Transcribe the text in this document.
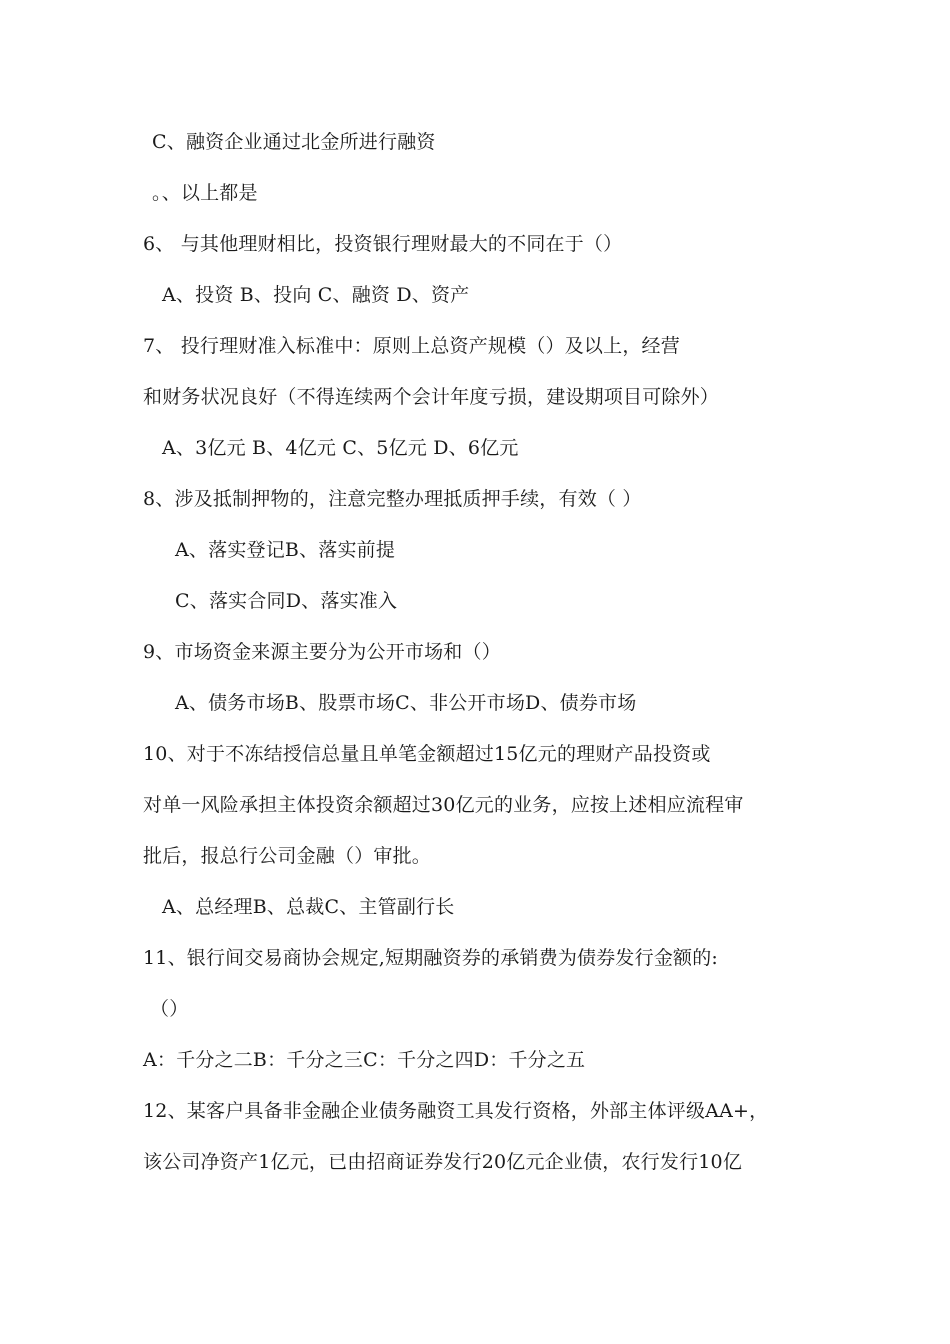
C、融资企业通过北金所进行融资
。、以上都是
6、 与其他理财相比，投资银行理财最大的不同在于（）
A、投资 B、投向 C、融资 D、资产
7、 投行理财准入标准中：原则上总资产规模（）及以上，经营
和财务状况良好（不得连续两个会计年度亏损，建设期项目可除外）
A、3亿元 B、4亿元 C、5亿元 D、6亿元
8、涉及抵制押物的，注意完整办理抵质押手续，有效（ ）
A、落实登记B、落实前提
C、落实合同D、落实准入
9、市场资金来源主要分为公开市场和（）
A、债务市场B、股票市场C、非公开市场D、债券市场
10、对于不冻结授信总量且单笔金额超过15亿元的理财产品投资或
对单一风险承担主体投资余额超过30亿元的业务，应按上述相应流程审
批后，报总行公司金融（）审批。
A、总经理B、总裁C、主管副行长
11、银行间交易商协会规定,短期融资券的承销费为债券发行金额的:
（）
A：千分之二B：千分之三C：千分之四D：千分之五
12、某客户具备非金融企业债务融资工具发行资格，外部主体评级AA+，
该公司净资产1亿元，已由招商证券发行20亿元企业债，农行发行10亿
